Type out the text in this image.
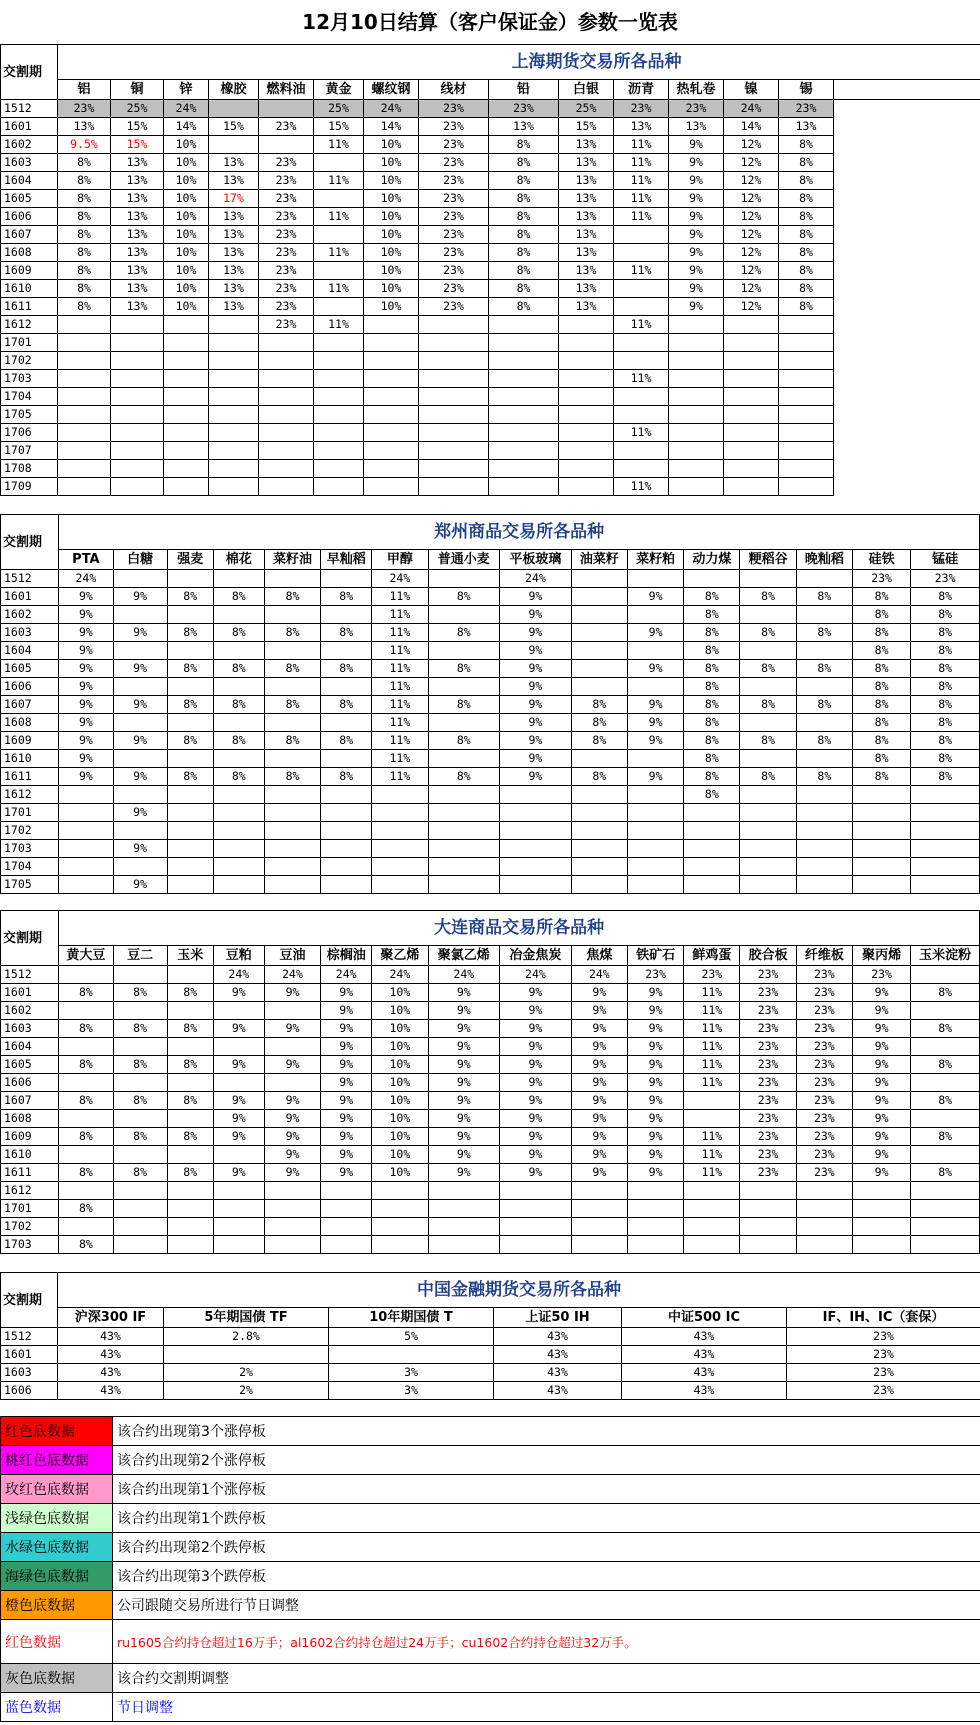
12月10日结算（客户保证金）参数一览表
交割期	上海期货交易所各品种														
	铝	铜	锌	橡胶	燃料油	黄金	螺纹钢	线材	铅	白银	沥青	热轧卷	镍	锡	
1512	23%	25%	24%			25%	24%	23%	23%	25%	23%	23%	24%	23%	
1601	13%	15%	14%	15%	23%	15%	14%	23%	13%	15%	13%	13%	14%	13%	
1602	9.5%	15%	10%			11%	10%	23%	8%	13%	11%	9%	12%	8%	
1603	8%	13%	10%	13%	23%		10%	23%	8%	13%	11%	9%	12%	8%	
1604	8%	13%	10%	13%	23%	11%	10%	23%	8%	13%	11%	9%	12%	8%	
1605	8%	13%	10%	17%	23%		10%	23%	8%	13%	11%	9%	12%	8%	
1606	8%	13%	10%	13%	23%	11%	10%	23%	8%	13%	11%	9%	12%	8%	
1607	8%	13%	10%	13%	23%		10%	23%	8%	13%		9%	12%	8%	
1608	8%	13%	10%	13%	23%	11%	10%	23%	8%	13%		9%	12%	8%	
1609	8%	13%	10%	13%	23%		10%	23%	8%	13%	11%	9%	12%	8%	
1610	8%	13%	10%	13%	23%	11%	10%	23%	8%	13%		9%	12%	8%	
1611	8%	13%	10%	13%	23%		10%	23%	8%	13%		9%	12%	8%	
1612					23%	11%					11%				
1701															
1702															
1703											11%				
1704															
1705															
1706											11%				
1707															
1708															
1709											11%				
交割期	郑州商品交易所各品种															
	PTA	白糖	强麦	棉花	菜籽油	早籼稻	甲醇	普通小麦	平板玻璃	油菜籽	菜籽粕	动力煤	粳稻谷	晚籼稻	硅铁	锰硅
1512	24%						24%		24%						23%	23%
1601	9%	9%	8%	8%	8%	8%	11%	8%	9%		9%	8%	8%	8%	8%	8%
1602	9%						11%		9%			8%			8%	8%
1603	9%	9%	8%	8%	8%	8%	11%	8%	9%		9%	8%	8%	8%	8%	8%
1604	9%						11%		9%			8%			8%	8%
1605	9%	9%	8%	8%	8%	8%	11%	8%	9%		9%	8%	8%	8%	8%	8%
1606	9%						11%		9%			8%			8%	8%
1607	9%	9%	8%	8%	8%	8%	11%	8%	9%	8%	9%	8%	8%	8%	8%	8%
1608	9%						11%		9%	8%	9%	8%			8%	8%
1609	9%	9%	8%	8%	8%	8%	11%	8%	9%	8%	9%	8%	8%	8%	8%	8%
1610	9%						11%		9%			8%			8%	8%
1611	9%	9%	8%	8%	8%	8%	11%	8%	9%	8%	9%	8%	8%	8%	8%	8%
1612												8%				
1701		9%														
1702																
1703		9%														
1704																
1705		9%														
交割期	大连商品交易所各品种															
	黄大豆	豆二	玉米	豆粕	豆油	棕榈油	聚乙烯	聚氯乙烯	冶金焦炭	焦煤	铁矿石	鲜鸡蛋	胶合板	纤维板	聚丙烯	玉米淀粉
1512				24%	24%	24%	24%	24%	24%	24%	23%	23%	23%	23%	23%	
1601	8%	8%	8%	9%	9%	9%	10%	9%	9%	9%	9%	11%	23%	23%	9%	8%
1602						9%	10%	9%	9%	9%	9%	11%	23%	23%	9%	
1603	8%	8%	8%	9%	9%	9%	10%	9%	9%	9%	9%	11%	23%	23%	9%	8%
1604						9%	10%	9%	9%	9%	9%	11%	23%	23%	9%	
1605	8%	8%	8%	9%	9%	9%	10%	9%	9%	9%	9%	11%	23%	23%	9%	8%
1606						9%	10%	9%	9%	9%	9%	11%	23%	23%	9%	
1607	8%	8%	8%	9%	9%	9%	10%	9%	9%	9%	9%		23%	23%	9%	8%
1608				9%	9%	9%	10%	9%	9%	9%	9%		23%	23%	9%	
1609	8%	8%	8%	9%	9%	9%	10%	9%	9%	9%	9%	11%	23%	23%	9%	8%
1610					9%	9%	10%	9%	9%	9%	9%	11%	23%	23%	9%	
1611	8%	8%	8%	9%	9%	9%	10%	9%	9%	9%	9%	11%	23%	23%	9%	8%
1612																
1701	8%															
1702																
1703	8%															
交割期	中国金融期货交易所各品种					
	沪深300 IF	5年期国债 TF	10年期国债 T	上证50 IH	中证500 IC	IF、IH、IC（套保）
1512	43%	2.8%	5%	43%	43%	23%
1601	43%			43%	43%	23%
1603	43%	2%	3%	43%	43%	23%
1606	43%	2%	3%	43%	43%	23%
红色底数据	该合约出现第3个涨停板
桃红色底数据	该合约出现第2个涨停板
玫红色底数据	该合约出现第1个涨停板
浅绿色底数据	该合约出现第1个跌停板
水绿色底数据	该合约出现第2个跌停板
海绿色底数据	该合约出现第3个跌停板
橙色底数据	公司跟随交易所进行节日调整
红色数据	ru1605合约持仓超过16万手；al1602合约持仓超过24万手；cu1602合约持仓超过32万手。
灰色底数据	该合约交割期调整
蓝色数据	节日调整
